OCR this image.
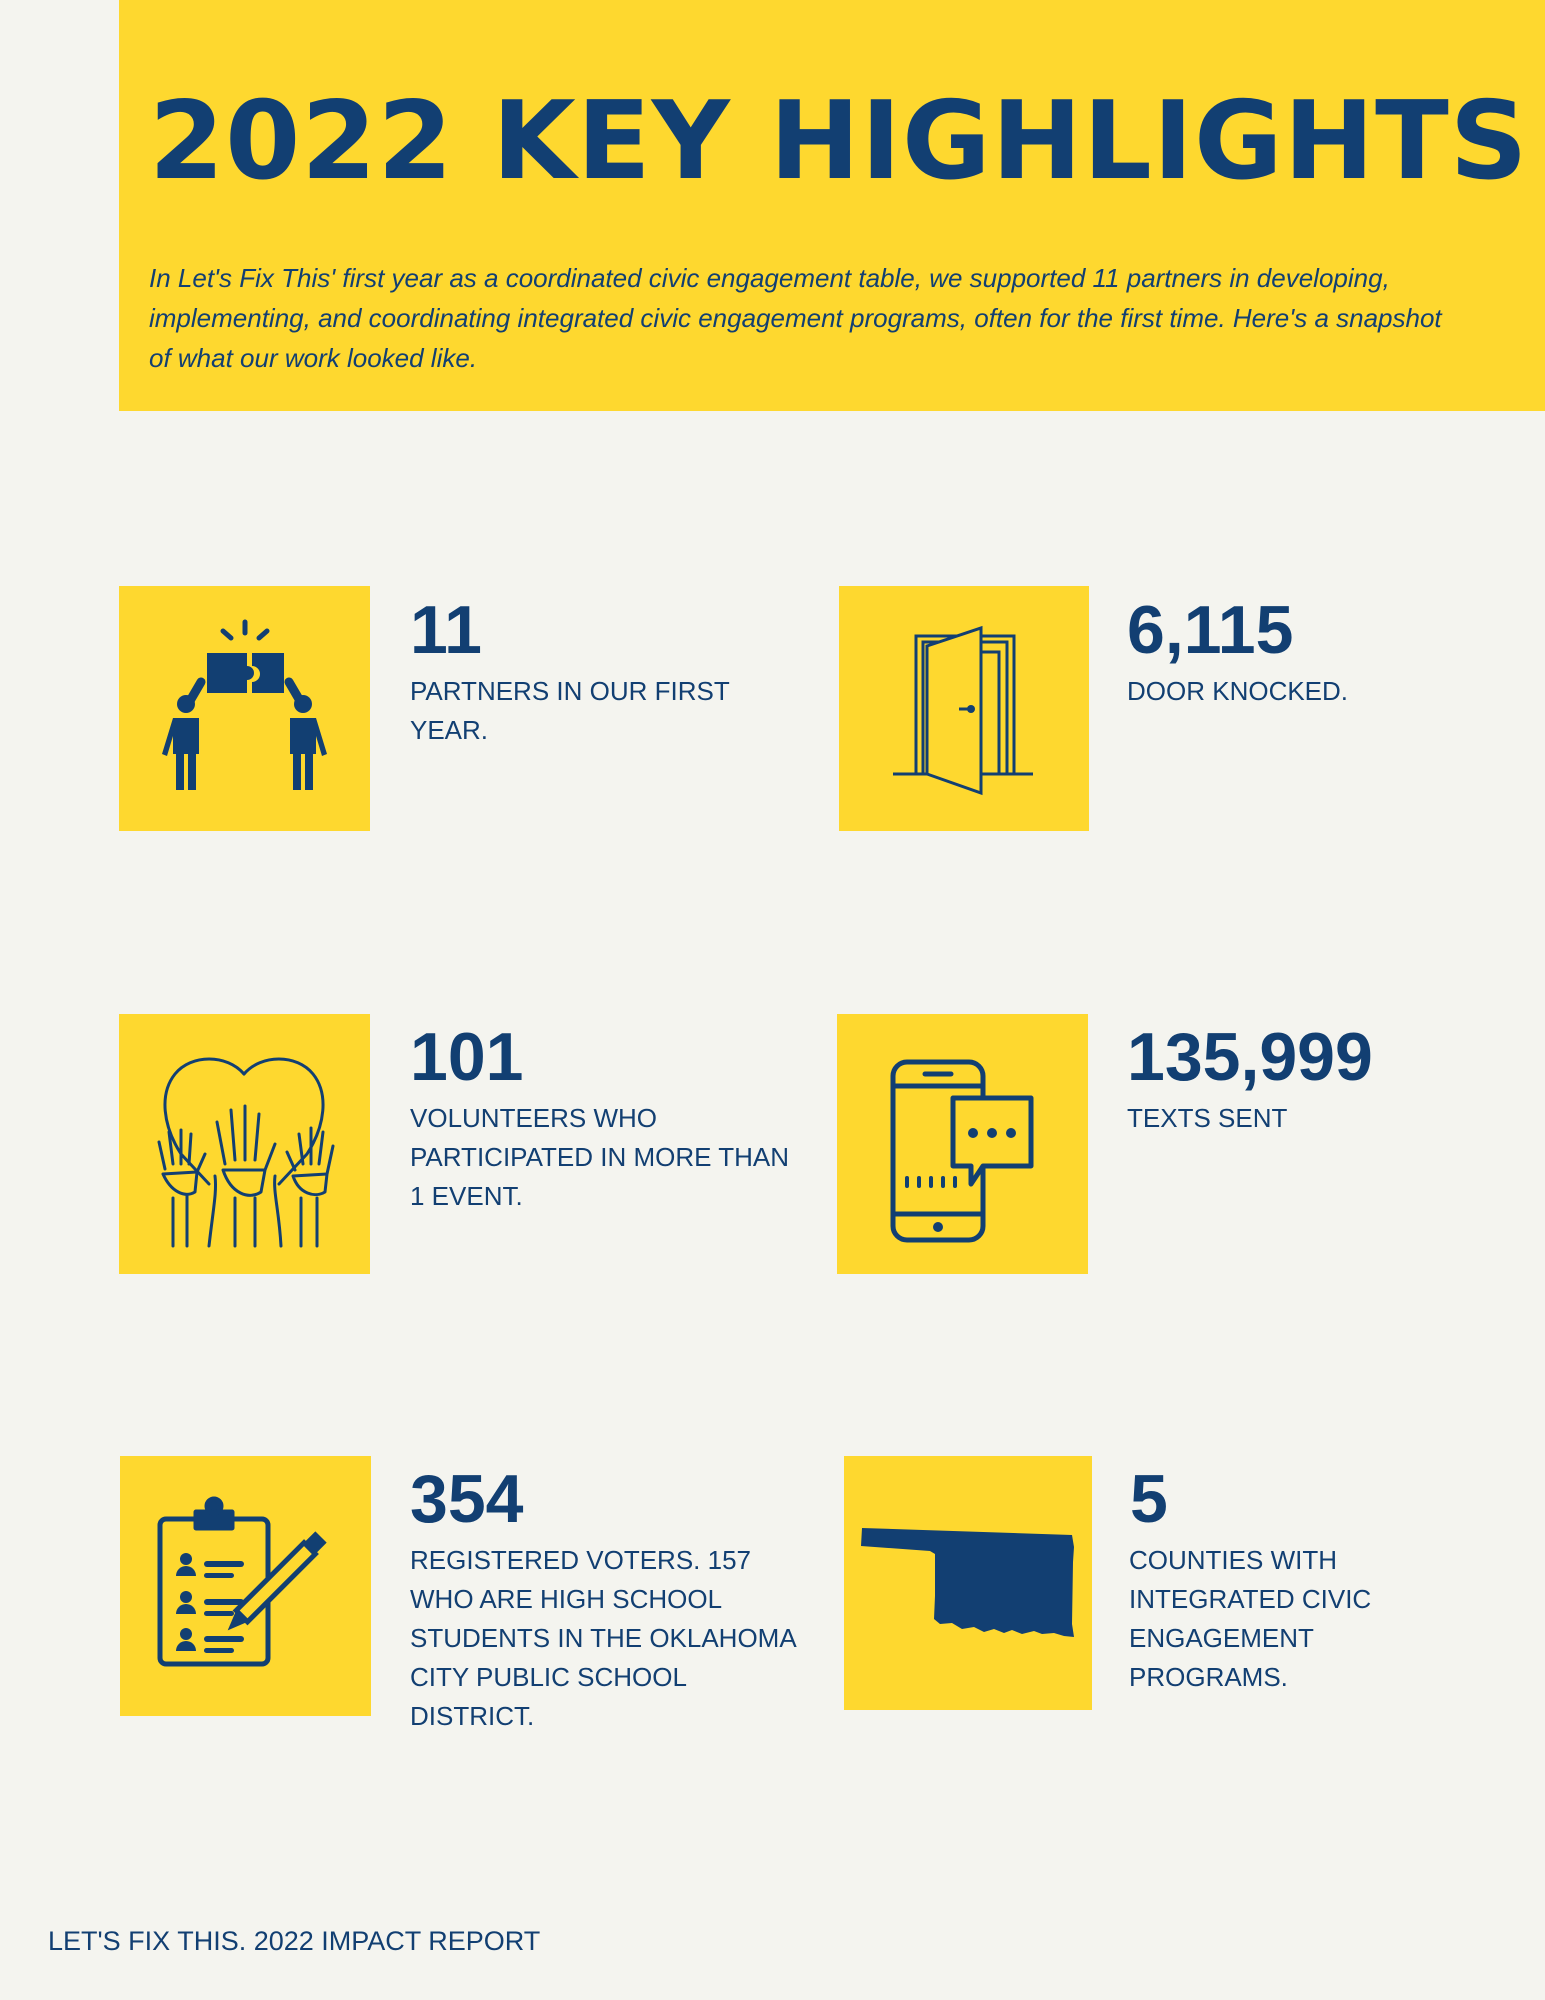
2022 KEY HIGHLIGHTS

In Let's Fix This' first year as a coordinated civic engagement table, we supported 11 partners in developing, implementing, and coordinating integrated civic engagement programs, often for the first time. Here's a snapshot of what our work looked like.

11

PARTNERS IN OUR FIRST YEAR.

6,115

DOOR KNOCKED.

101

VOLUNTEERS WHO PARTICIPATED IN MORE THAN 1 EVENT.

135,999

TEXTS SENT

354

REGISTERED VOTERS. 157 WHO ARE HIGH SCHOOL STUDENTS IN THE OKLAHOMA CITY PUBLIC SCHOOL DISTRICT.

5

COUNTIES WITH INTEGRATED CIVIC ENGAGEMENT PROGRAMS.

LET'S FIX THIS. 2022 IMPACT REPORT
